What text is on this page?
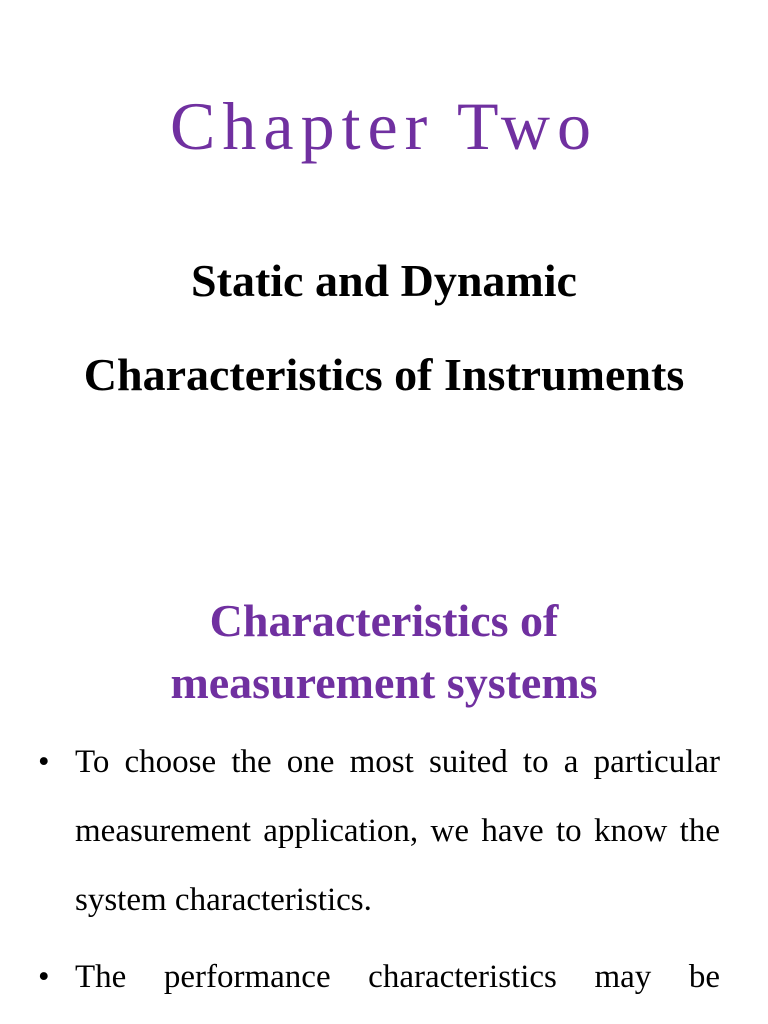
Chapter Two
Static and Dynamic
Characteristics of Instruments
Characteristics of
measurement systems
• To choose the one most suited to a particular measurement application, we have to know the system characteristics.
• The performance characteristics may be
